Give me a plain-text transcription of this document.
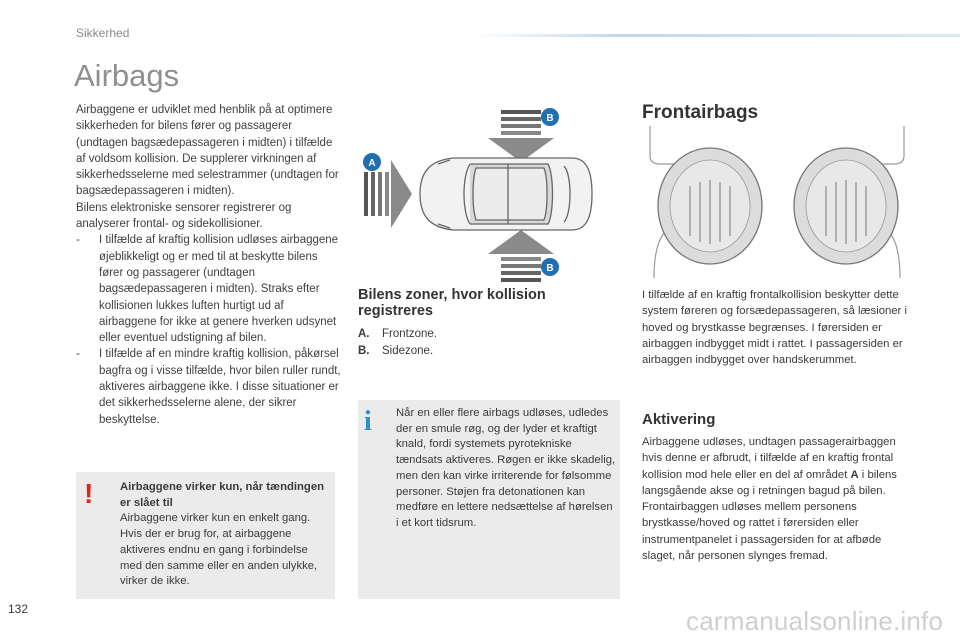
Sikkerhed
Airbags

Airbaggene er udviklet med henblik på at optimere sikkerheden for bilens fører og passagerer (undtagen bagsædepassageren i midten) i tilfælde af voldsom kollision. De supplerer virkningen af sikkerhedsselerne med selestrammer (undtagen for bagsædepassageren i midten).

Bilens elektroniske sensorer registrerer og analyserer frontal- og sidekollisioner.

- I tilfælde af kraftig kollision udløses airbaggene øjeblikkeligt og er med til at beskytte bilens fører og passagerer (undtagen bagsædepassageren i midten). Straks efter kollisionen lukkes luften hurtigt ud af airbaggene for ikke at genere hverken udsynet eller eventuel udstigning af bilen.

- I tilfælde af en mindre kraftig kollision, påkørsel bagfra og i visse tilfælde, hvor bilen ruller rundt, aktiveres airbaggene ikke. I disse situationer er det sikkerhedsselerne alene, der sikrer beskyttelse.

! Airbaggene virker kun, når tændingen er slået til
Airbaggene virker kun en enkelt gang. Hvis der er brug for, at airbaggene aktiveres endnu en gang i forbindelse med den samme eller en anden ulykke, virker de ikke.
A
B
B
Bilens zoner, hvor kollision registreres
A. Frontzone.
B. Sidezone.
i Når en eller flere airbags udløses, udledes der en smule røg, og der lyder et kraftigt knald, fordi systemets pyrotekniske tændsats aktiveres. Røgen er ikke skadelig, men den kan virke irriterende for følsomme personer. Støjen fra detonationen kan medføre en lettere nedsættelse af hørelsen i et kort tidsrum.
Frontairbags
I tilfælde af en kraftig frontalkollision beskytter dette system føreren og forsædepassageren, så læsioner i hoved og brystkasse begrænses. I førersiden er airbaggen indbygget midt i rattet. I passagersiden er airbaggen indbygget over handskerummet.
Aktivering
Airbaggene udløses, undtagen passagerairbaggen hvis denne er afbrudt, i tilfælde af en kraftig frontal kollision mod hele eller en del af området A i bilens langsgående akse og i retningen bagud på bilen. Frontairbaggen udløses mellem personens brystkasse/hoved og rattet i førersiden eller instrumentpanelet i passagersiden for at afbøde slaget, når personen slynges fremad.
132	carmanualsonline.info
